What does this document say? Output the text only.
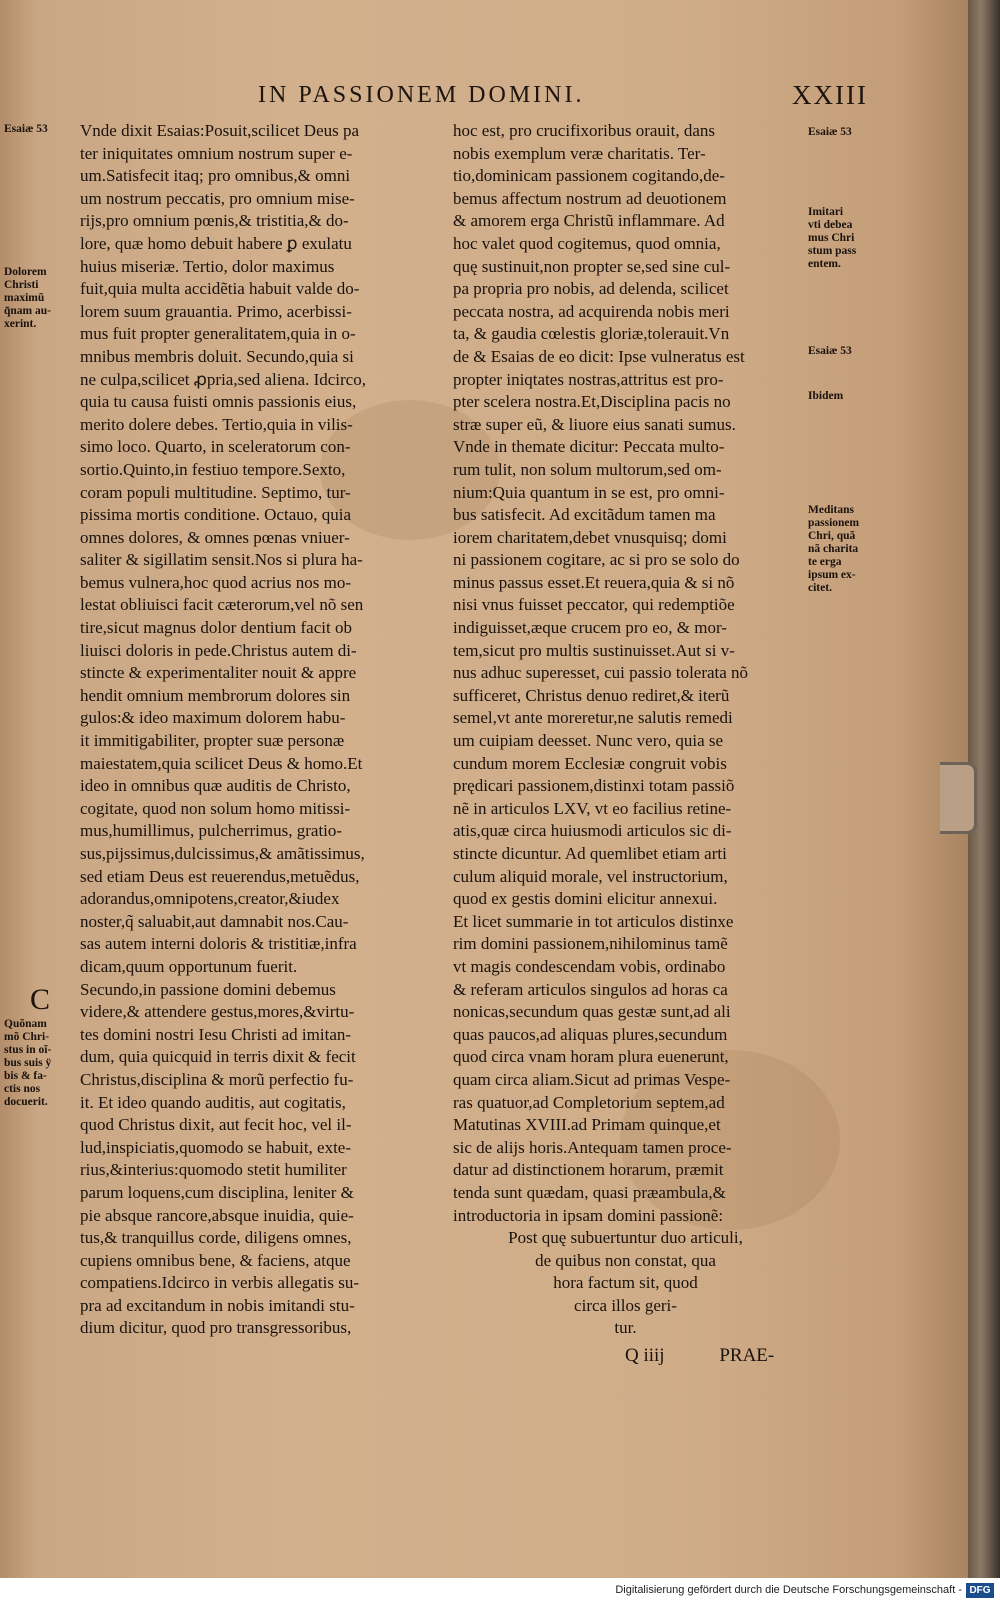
IN PASSIONEM DOMINI.	XXIII
Esaiæ 53
Dolorem
Christi
maximũ
q̃nam au-
xerint.
C
Quõnam
mõ Chri-
stus in oĩ-
bus suis ÿ
bis & fa-
ctis nos
docuerit.
Esaiæ 53
Imitari
vti debea
mus Chri
stum pass
entem.
Esaiæ 53
Ibidem
Meditans
passionem
Chri, quã
nã charita
te erga
ipsum ex-
citet.
Vnde dixit Esaias:Posuit,scilicet Deus pa
ter iniquitates omnium nostrum super e-
um.Satisfecit itaq; pro omnibus,& omni
um nostrum peccatis, pro omnium mise-
rijs,pro omnium pœnis,& tristitia,& do-
lore, quæ homo debuit habere ꝑ exulatu
huius miseriæ. Tertio, dolor maximus
fuit,quia multa accidẽtia habuit valde do-
lorem suum grauantia. Primo, acerbissi-
mus fuit propter generalitatem,quia in o-
mnibus membris doluit. Secundo,quia si
ne culpa,scilicet ꝓpria,sed aliena. Idcirco,
quia tu causa fuisti omnis passionis eius,
merito dolere debes. Tertio,quia in vilis-
simo loco. Quarto, in sceleratorum con-
sortio.Quinto,in festiuo tempore.Sexto,
coram populi multitudine. Septimo, tur-
pissima mortis conditione. Octauo, quia
omnes dolores, & omnes pœnas vniuer-
saliter & sigillatim sensit.Nos si plura ha-
bemus vulnera,hoc quod acrius nos mo-
lestat obliuisci facit cæterorum,vel nõ sen
tire,sicut magnus dolor dentium facit ob
liuisci doloris in pede.Christus autem di-
stincte & experimentaliter nouit & appre
hendit omnium membrorum dolores sin
gulos:& ideo maximum dolorem habu-
it immitigabiliter, propter suæ personæ
maiestatem,quia scilicet Deus & homo.Et
ideo in omnibus quæ auditis de Christo,
cogitate, quod non solum homo mitissi-
mus,humillimus, pulcherrimus, gratio-
sus,pijssimus,dulcissimus,& amãtissimus,
sed etiam Deus est reuerendus,metuẽdus,
adorandus,omnipotens,creator,&iudex
noster,q̃ saluabit,aut damnabit nos.Cau-
sas autem interni doloris & tristitiæ,infra
dicam,quum opportunum fuerit.
Secundo,in passione domini debemus
videre,& attendere gestus,mores,&virtu-
tes domini nostri Iesu Christi ad imitan-
dum, quia quicquid in terris dixit & fecit
Christus,disciplina & morũ perfectio fu-
it. Et ideo quando auditis, aut cogitatis,
quod Christus dixit, aut fecit hoc, vel il-
lud,inspiciatis,quomodo se habuit, exte-
rius,&interius:quomodo stetit humiliter
parum loquens,cum disciplina, leniter &
pie absque rancore,absque inuidia, quie-
tus,& tranquillus corde, diligens omnes,
cupiens omnibus bene, & faciens, atque
compatiens.Idcirco in verbis allegatis su-
pra ad excitandum in nobis imitandi stu-
dium dicitur, quod pro transgressoribus,
hoc est, pro crucifixoribus orauit, dans
nobis exemplum veræ charitatis. Ter-
tio,dominicam passionem cogitando,de-
bemus affectum nostrum ad deuotionem
& amorem erga Christũ inflammare. Ad
hoc valet quod cogitemus, quod omnia,
quę sustinuit,non propter se,sed sine cul-
pa propria pro nobis, ad delenda, scilicet
peccata nostra, ad acquirenda nobis meri
ta, & gaudia cœlestis gloriæ,tolerauit.Vn
de & Esaias de eo dicit: Ipse vulneratus est
propter iniqtates nostras,attritus est pro-
pter scelera nostra.Et,Disciplina pacis no
stræ super eũ, & liuore eius sanati sumus.
Vnde in themate dicitur: Peccata multo-
rum tulit, non solum multorum,sed om-
nium:Quia quantum in se est, pro omni-
bus satisfecit. Ad excitãdum tamen ma
iorem charitatem,debet vnusquisq; domi
ni passionem cogitare, ac si pro se solo do
minus passus esset.Et reuera,quia & si nõ
nisi vnus fuisset peccator, qui redemptiõe
indiguisset,æque crucem pro eo, & mor-
tem,sicut pro multis sustinuisset.Aut si v-
nus adhuc superesset, cui passio tolerata nõ
sufficeret, Christus denuo rediret,& iterũ
semel,vt ante moreretur,ne salutis remedi
um cuipiam deesset. Nunc vero, quia se
cundum morem Ecclesiæ congruit vobis
prędicari passionem,distinxi totam passiõ
nẽ in articulos LXV, vt eo facilius retine-
atis,quæ circa huiusmodi articulos sic di-
stincte dicuntur. Ad quemlibet etiam arti
culum aliquid morale, vel instructorium,
quod ex gestis domini elicitur annexui.
Et licet summarie in tot articulos distinxe
rim domini passionem,nihilominus tamẽ
vt magis condescendam vobis, ordinabo
& referam articulos singulos ad horas ca
nonicas,secundum quas gestæ sunt,ad ali
quas paucos,ad aliquas plures,secundum
quod circa vnam horam plura euenerunt,
quam circa aliam.Sicut ad primas Vespe-
ras quatuor,ad Completorium septem,ad
Matutinas XVIII.ad Primam quinque,et
sic de alijs horis.Antequam tamen proce-
datur ad distinctionem horarum, præmit
tenda sunt quædam, quasi præambula,&
introductoria in ipsam domini passionẽ:
Post quę subuertuntur duo articuli,
de quibus non constat, qua
hora factum sit, quod
circa illos geri-
tur.
Q iiij	PRAE-
Digitalisierung gefördert durch die Deutsche Forschungsgemeinschaft - DFG
